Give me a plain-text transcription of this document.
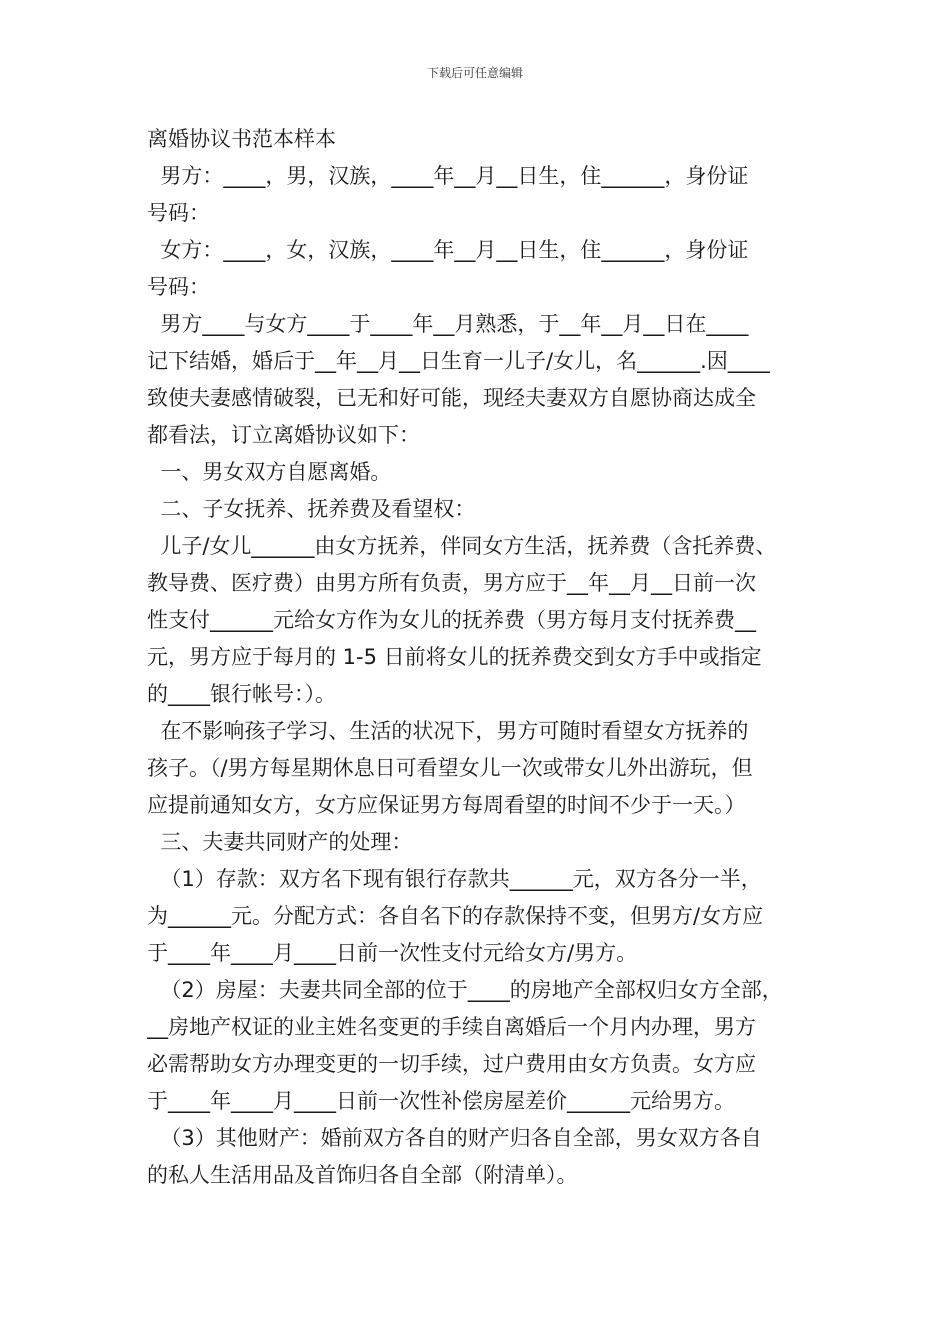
下载后可任意编辑
离婚协议书范本样本
男方：____，男，汉族，____年__月__日生，住______，身份证
号码：
女方：____，女，汉族，____年__月__日生，住______，身份证
号码：
男方____与女方____于____年__月熟悉，于__年__月__日在____
记下结婚，婚后于__年__月__日生育一儿子/女儿，名______.因____
致使夫妻感情破裂，已无和好可能，现经夫妻双方自愿协商达成全
都看法，订立离婚协议如下：
一、男女双方自愿离婚。
二、子女抚养、抚养费及看望权：
儿子/女儿______由女方抚养，伴同女方生活，抚养费（含托养费、
教导费、医疗费）由男方所有负责，男方应于__年__月__日前一次
性支付______元给女方作为女儿的抚养费（男方每月支付抚养费__
元，男方应于每月的 1-5 日前将女儿的抚养费交到女方手中或指定
的____银行帐号：）。
在不影响孩子学习、生活的状况下，男方可随时看望女方抚养的
孩子。（/男方每星期休息日可看望女儿一次或带女儿外出游玩，但
应提前通知女方，女方应保证男方每周看望的时间不少于一天。）
三、夫妻共同财产的处理：
（1）存款：双方名下现有银行存款共______元，双方各分一半，
为______元。分配方式：各自名下的存款保持不变，但男方/女方应
于____年____月____日前一次性支付元给女方/男方。
（2）房屋：夫妻共同全部的位于____的房地产全部权归女方全部，
__房地产权证的业主姓名变更的手续自离婚后一个月内办理，男方
必需帮助女方办理变更的一切手续，过户费用由女方负责。女方应
于____年____月____日前一次性补偿房屋差价______元给男方。
（3）其他财产：婚前双方各自的财产归各自全部，男女双方各自
的私人生活用品及首饰归各自全部（附清单）。
